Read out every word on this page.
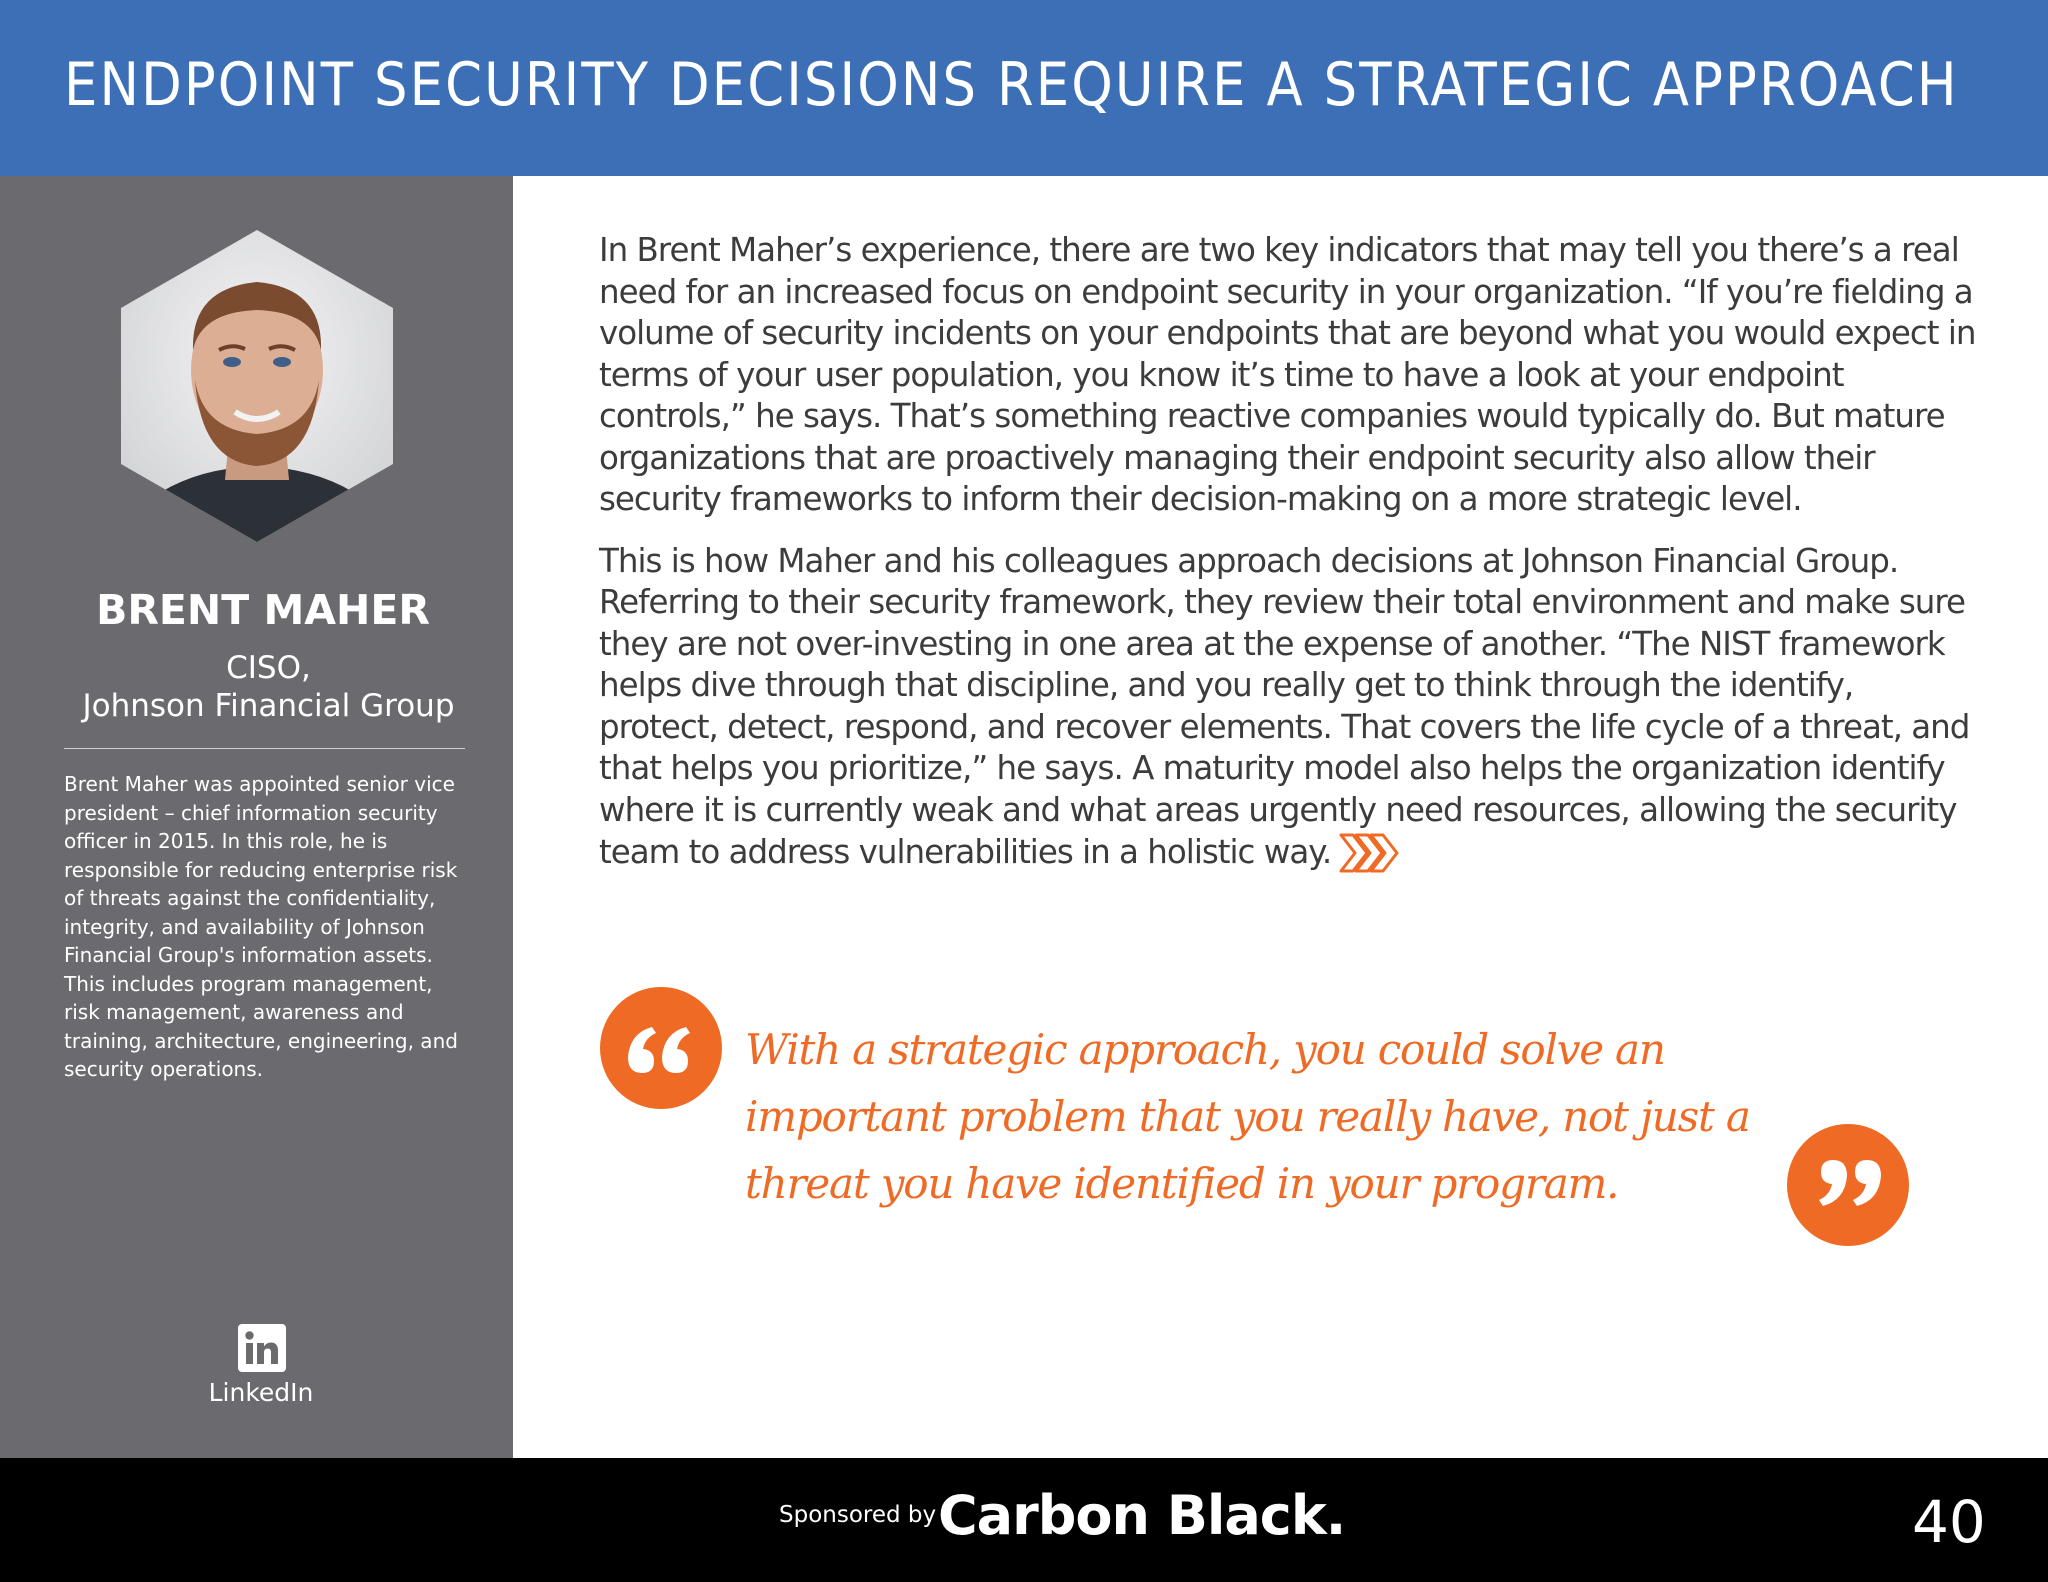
ENDPOINT SECURITY DECISIONS REQUIRE A STRATEGIC APPROACH
BRENT MAHER
CISO,
Johnson Financial Group
Brent Maher was appointed senior vice president – chief information security officer in 2015. In this role, he is responsible for reducing enterprise risk of threats against the confidentiality, integrity, and availability of Johnson Financial Group's information assets. This includes program management, risk management, awareness and training, architecture, engineering, and security operations.
LinkedIn

In Brent Maher’s experience, there are two key indicators that may tell you there’s a real need for an increased focus on endpoint security in your organization. “If you’re fielding a volume of security incidents on your endpoints that are beyond what you would expect in terms of your user population, you know it’s time to have a look at your endpoint controls,” he says. That’s something reactive companies would typically do. But mature organizations that are proactively managing their endpoint security also allow their security frameworks to inform their decision-making on a more strategic level.

This is how Maher and his colleagues approach decisions at Johnson Financial Group. Referring to their security framework, they review their total environment and make sure they are not over-investing in one area at the expense of another. “The NIST framework helps dive through that discipline, and you really get to think through the identify, protect, detect, respond, and recover elements. That covers the life cycle of a threat, and that helps you prioritize,” he says. A maturity model also helps the organization identify where it is currently weak and what areas urgently need resources, allowing the security team to address vulnerabilities in a holistic way.

With a strategic approach, you could solve an important problem that you really have, not just a threat you have identified in your program.
Sponsored by Carbon Black.	40
